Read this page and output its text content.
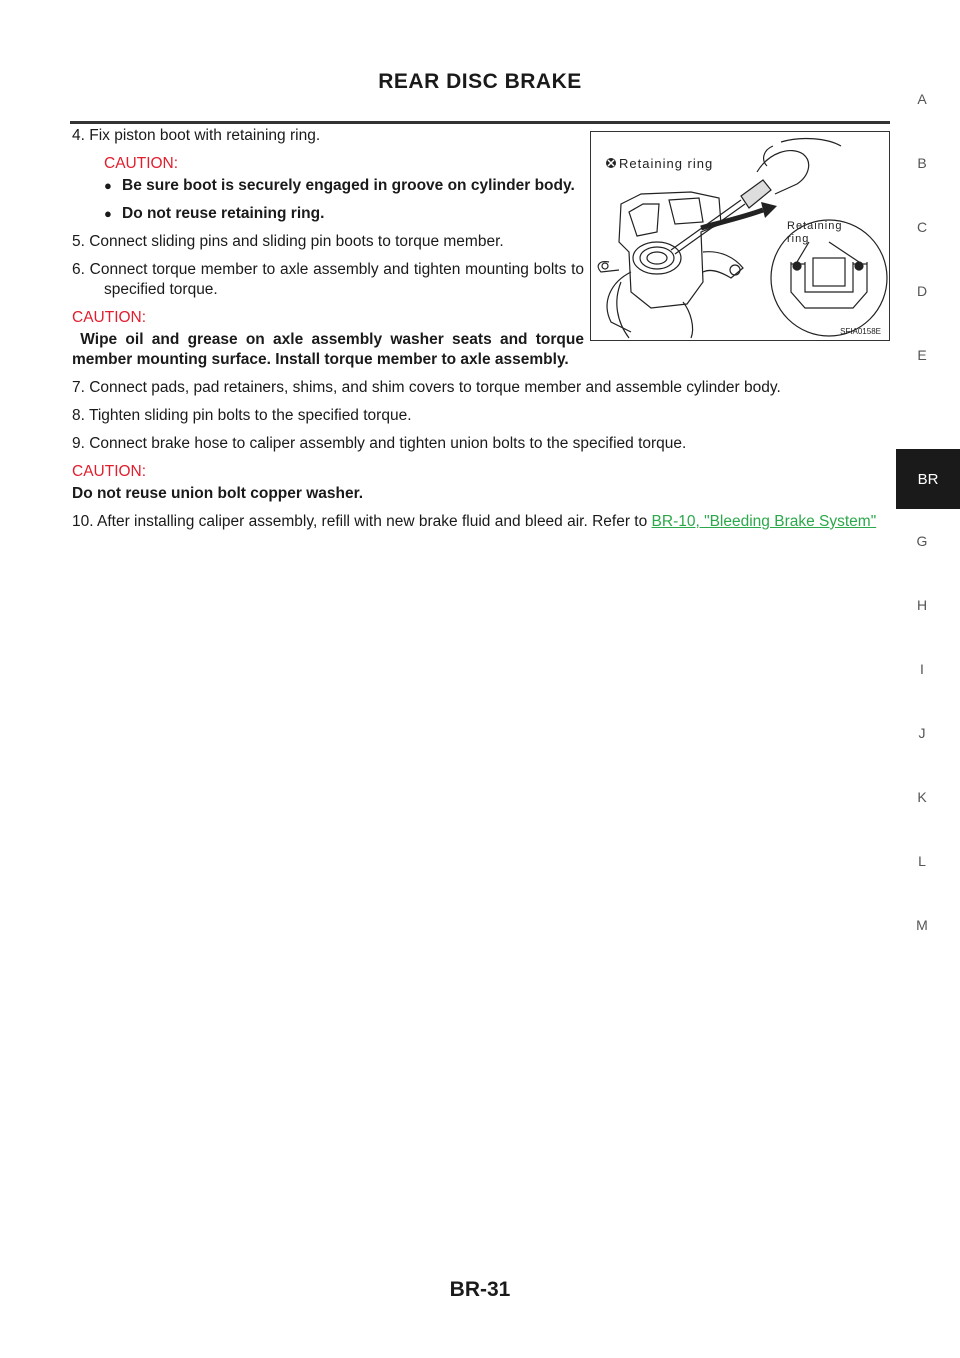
REAR DISC BRAKE
Retaining ring
Retaining ring
SFIA0158E

4. Fix piston boot with retaining ring.

CAUTION:

● Be sure boot is securely engaged in groove on cylinder body.
● Do not reuse retaining ring.

5. Connect sliding pins and sliding pin boots to torque member.

6. Connect torque member to axle assembly and tighten mounting bolts to specified torque.

CAUTION:

Wipe oil and grease on axle assembly washer seats and torque member mounting surface. Install torque member to axle assembly.

7. Connect pads, pad retainers, shims, and shim covers to torque member and assemble cylinder body.

8. Tighten sliding pin bolts to the specified torque.

9. Connect brake hose to caliper assembly and tighten union bolts to the specified torque.

CAUTION:

Do not reuse union bolt copper washer.

10. After installing caliper assembly, refill with new brake fluid and bleed air. Refer to BR-10, "Bleeding Brake System"

A
B
C
D
E
BR
G
H
I
J
K
L
M
BR-31
